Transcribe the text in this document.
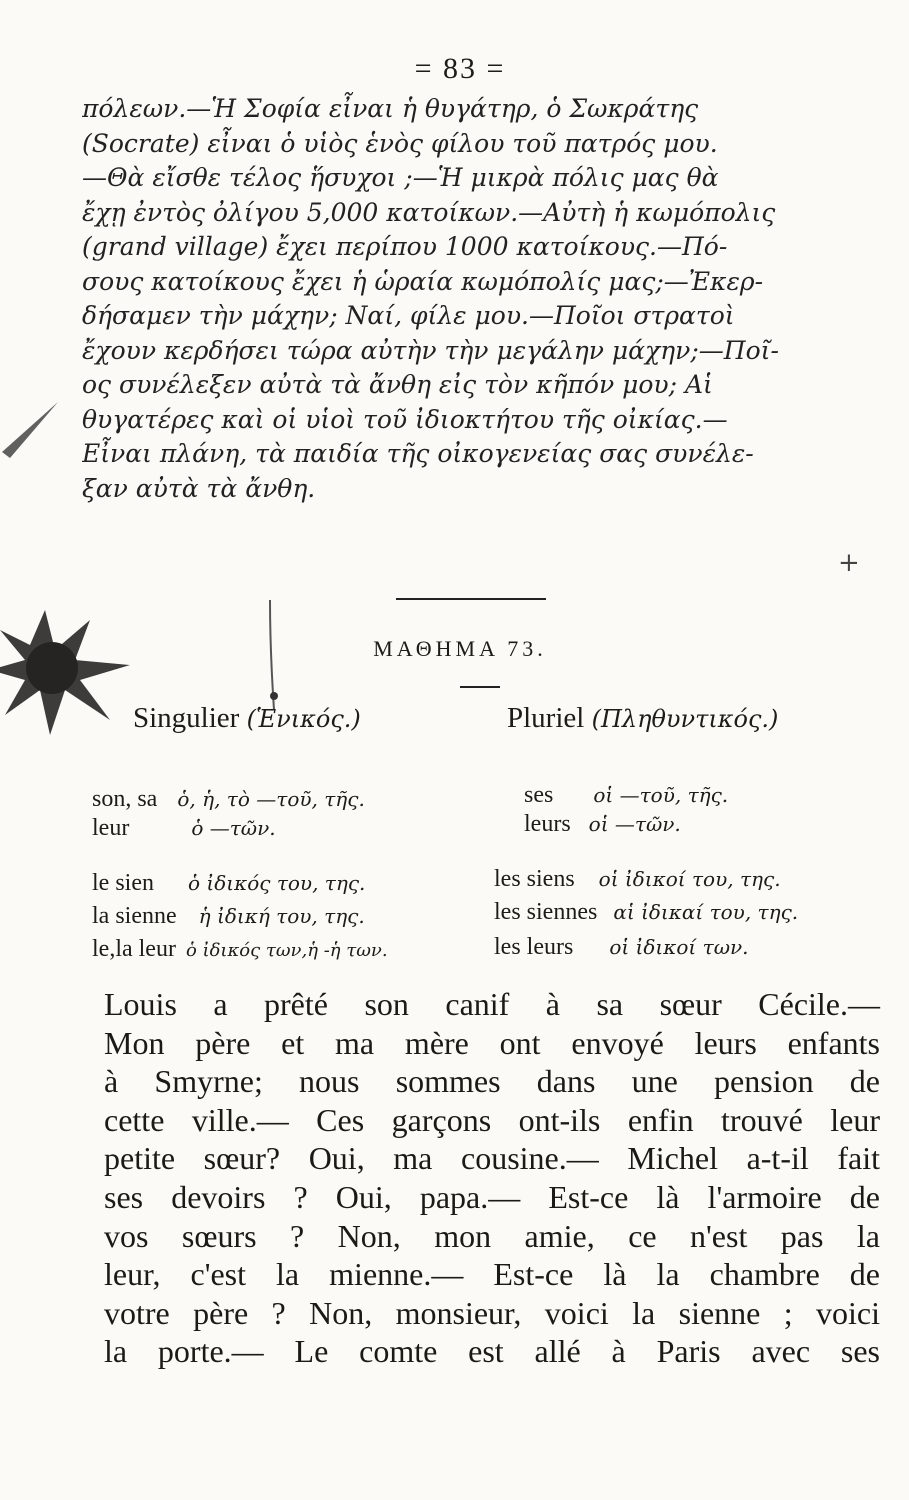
= 83 =
πόλεων.—Ἡ Σοφία εἶναι ἡ θυγάτηρ, ὁ Σωκράτης
(Socrate) εἶναι ὁ υἱὸς ἑνὸς φίλου τοῦ πατρός μου.
—Θὰ εἴσθε τέλος ἥσυχοι ;—Ἡ μικρὰ πόλις μας θὰ
ἔχῃ ἐντὸς ὀλίγου 5,000 κατοίκων.—Αὐτὴ ἡ κωμόπολις
(grand village) ἔχει περίπου 1000 κατοίκους.—Πό-
σους κατοίκους ἔχει ἡ ὡραία κωμόπολίς μας;—Ἐκερ-
δήσαμεν τὴν μάχην; Ναί, φίλε μου.—Ποῖοι στρατοὶ
ἔχουν κερδήσει τώρα αὐτὴν τὴν μεγάλην μάχην;—Ποῖ-
ος συνέλεξεν αὐτὰ τὰ ἄνθη εἰς τὸν κῆπόν μου; Αἱ
θυγατέρες καὶ οἱ υἱοὶ τοῦ ἰδιοκτήτου τῆς οἰκίας.—
Εἶναι πλάνη, τὰ παιδία τῆς οἰκογενείας σας συνέλε-
ξαν αὐτὰ τὰ ἄνθη.
+
ΜΑΘΗΜΑ 73.
Singulier (Ἑνικός.)	Pluriel (Πληθυντικός.)
son, sa ὁ, ἡ, τὸ —τοῦ, τῆς.	ses οἱ —τοῦ, τῆς.
leur	ὁ —τῶν.	leurs οἱ —τῶν.
le sien ὁ ἰδικός του, της.	les siens οἱ ἰδικοί του, της.
la sienne ἡ ἰδική του, της.	les siennes αἱ ἰδικαί του, της.
le,la leur ὁ ἰδικός των,ἡ -ἡ των.	les leurs οἱ ἰδικοί των.
Louis a prêté son canif à sa sœur Cécile.—
Mon père et ma mère ont envoyé leurs enfants
à Smyrne; nous sommes dans une pension de
cette ville.— Ces garçons ont-ils enfin trouvé leur
petite sœur? Oui, ma cousine.— Michel a-t-il fait
ses devoirs ? Oui, papa.— Est-ce là l'armoire de
vos sœurs ? Non, mon amie, ce n'est pas la
leur, c'est la mienne.— Est-ce là la chambre de
votre père ? Non, monsieur, voici la sienne ; voici
la porte.— Le comte est allé à Paris avec ses
